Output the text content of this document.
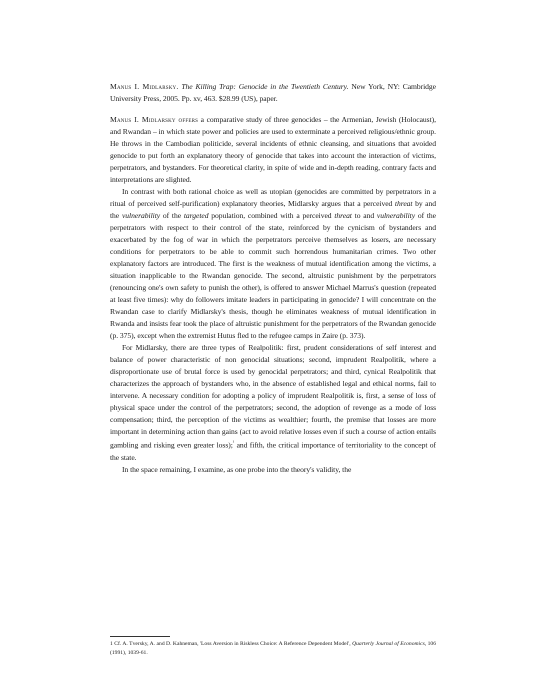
Manus I. Midlarsky. The Killing Trap: Genocide in the Twentieth Century. New York, NY: Cambridge University Press, 2005. Pp. xv, 463. $28.99 (US), paper.

Manus I. Midlarsky offers a comparative study of three genocides – the Armenian, Jewish (Holocaust), and Rwandan – in which state power and policies are used to exterminate a perceived religious/ethnic group. He throws in the Cambodian politicide, several incidents of ethnic cleansing, and situations that avoided genocide to put forth an explanatory theory of genocide that takes into account the interaction of victims, perpetrators, and bystanders. For theoretical clarity, in spite of wide and in-depth reading, contrary facts and interpretations are slighted.

In contrast with both rational choice as well as utopian (genocides are committed by perpetrators in a ritual of perceived self-purification) explanatory theories, Midlarsky argues that a perceived threat by and the vulnerability of the targeted population, combined with a perceived threat to and vulnerability of the perpetrators with respect to their control of the state, reinforced by the cynicism of bystanders and exacerbated by the fog of war in which the perpetrators perceive themselves as losers, are necessary conditions for perpetrators to be able to commit such horrendous humanitarian crimes. Two other explanatory factors are introduced. The first is the weakness of mutual identification among the victims, a situation inapplicable to the Rwandan genocide. The second, altruistic punishment by the perpetrators (renouncing one's own safety to punish the other), is offered to answer Michael Marrus's question (repeated at least five times): why do followers imitate leaders in participating in genocide? I will concentrate on the Rwandan case to clarify Midlarsky's thesis, though he eliminates weakness of mutual identification in Rwanda and insists fear took the place of altruistic punishment for the perpetrators of the Rwandan genocide (p. 375), except when the extremist Hutus fled to the refugee camps in Zaire (p. 373).

For Midlarsky, there are three types of Realpolitik: first, prudent considerations of self interest and balance of power characteristic of non genocidal situations; second, imprudent Realpolitik, where a disproportionate use of brutal force is used by genocidal perpetrators; and third, cynical Realpolitik that characterizes the approach of bystanders who, in the absence of established legal and ethical norms, fail to intervene. A necessary condition for adopting a policy of imprudent Realpolitik is, first, a sense of loss of physical space under the control of the perpetrators; second, the adoption of revenge as a mode of loss compensation; third, the perception of the victims as wealthier; fourth, the premise that losses are more important in determining action than gains (act to avoid relative losses even if such a course of action entails gambling and risking even greater loss);$^{^1}$ and fifth, the critical importance of territoriality to the concept of the state.

In the space remaining, I examine, as one probe into the theory's validity, the

1 Cf. A. Tversky, A. and D. Kahneman, 'Loss Aversion in Riskless Choice: A Reference Dependent Model', Quarterly Journal of Economics, 106 (1991), 1039-61.
